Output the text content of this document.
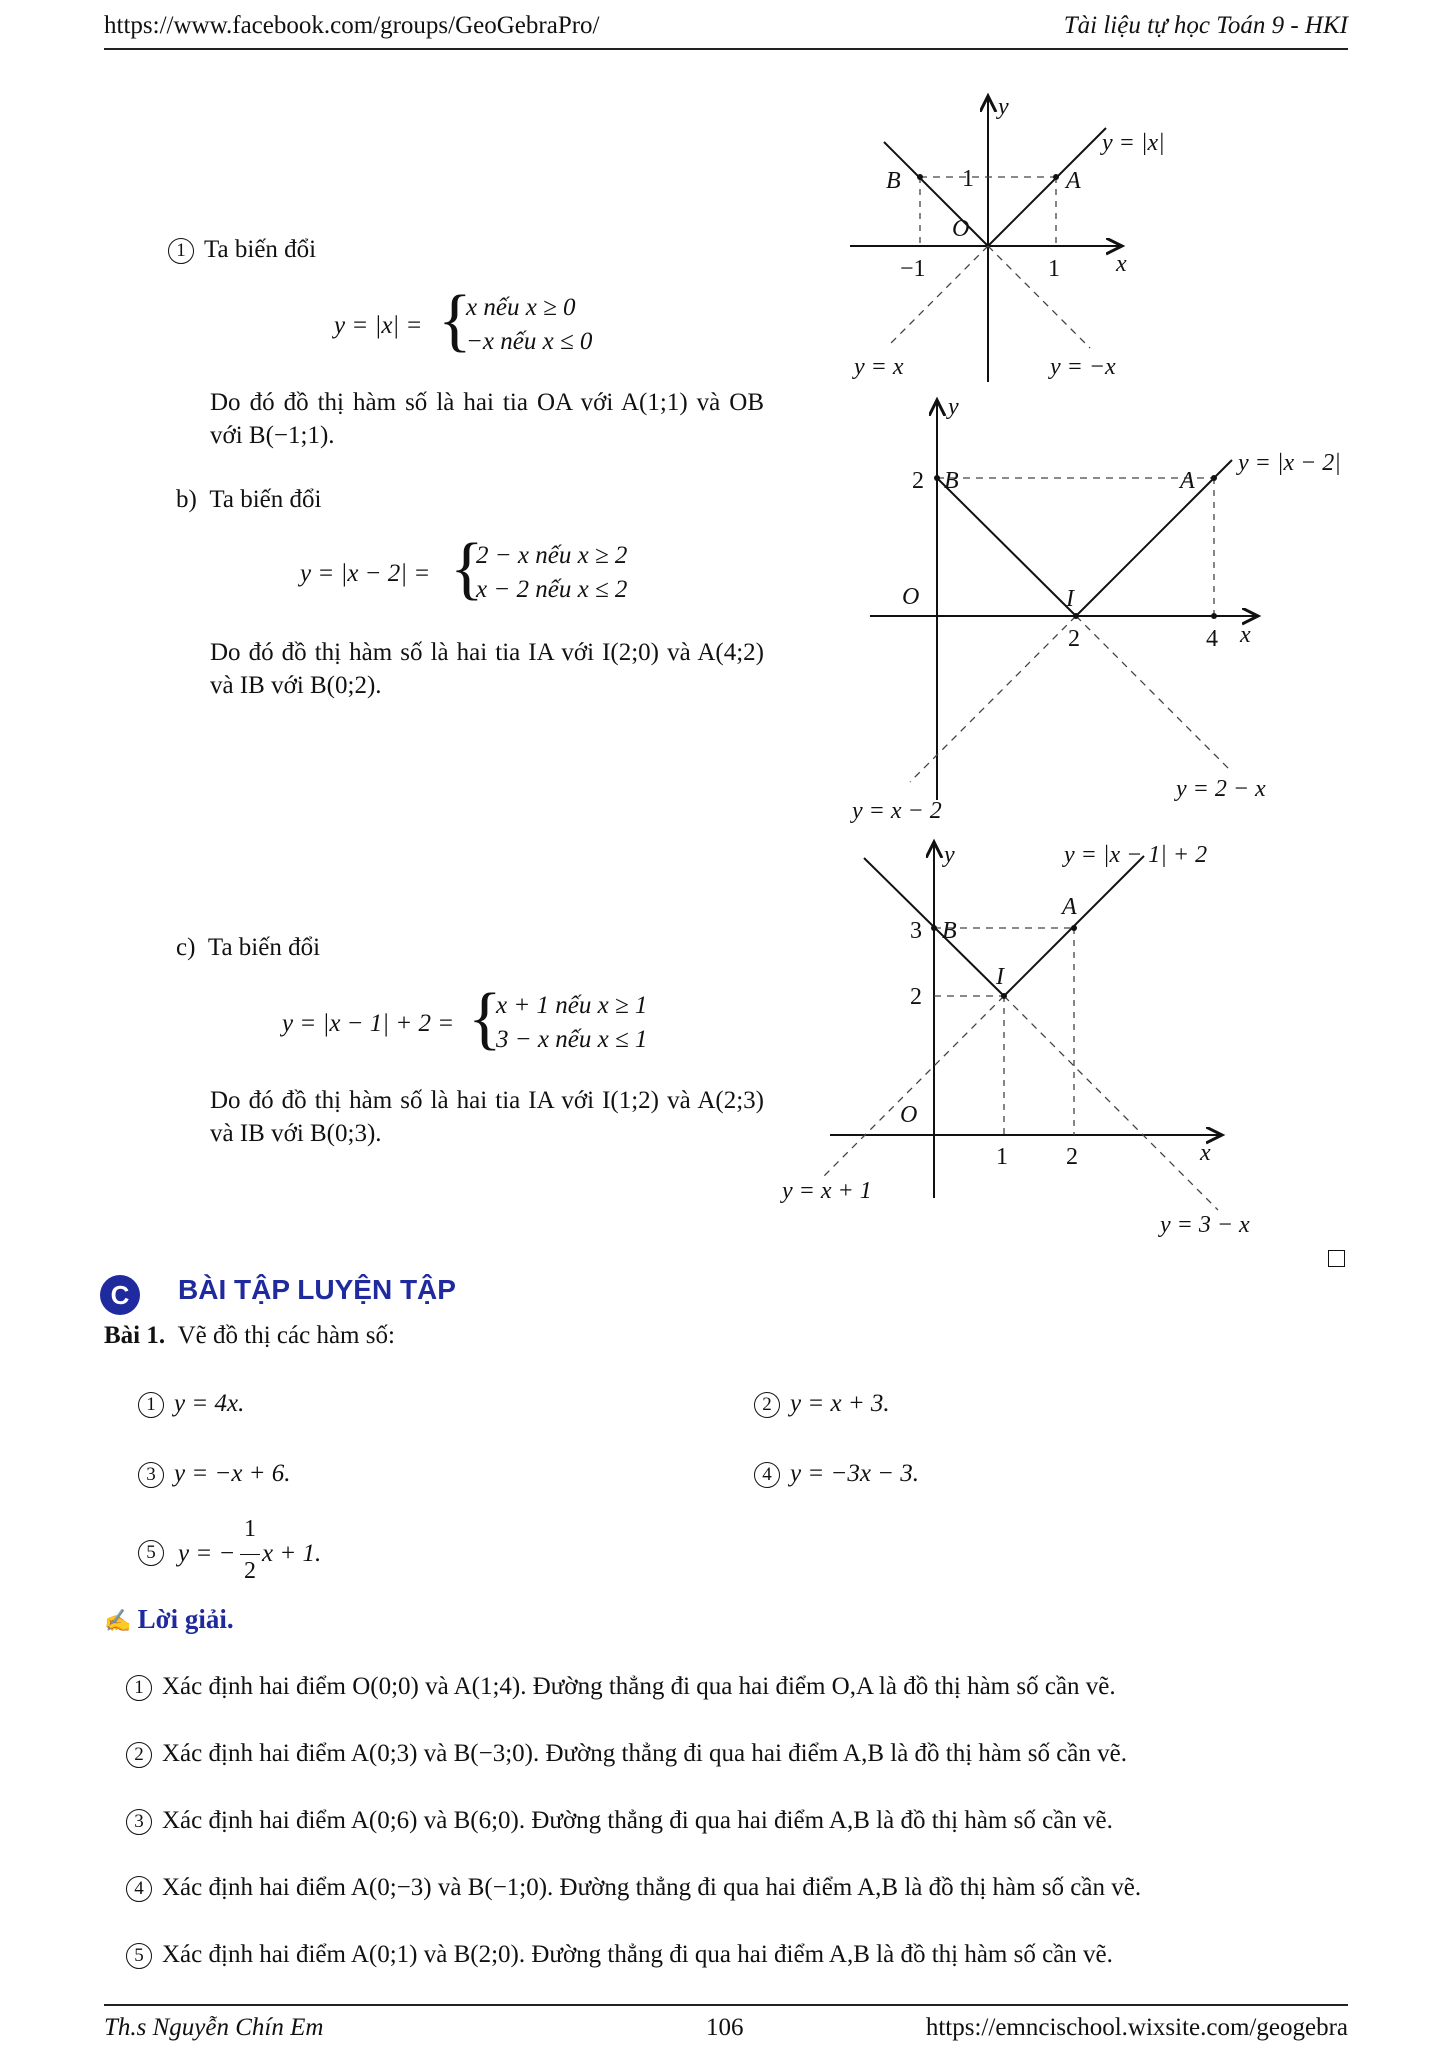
https://www.facebook.com/groups/GeoGebraPro/	Tài liệu tự học Toán 9 - HKI
1 Ta biến đổi
y = |x| = {
x nếu x ≥ 0
−x nếu x ≤ 0
Do đó đồ thị hàm số là hai tia OA với A(1;1) và OB với B(−1;1).
b) Ta biến đổi
y = |x − 2| = {
2 − x nếu x ≥ 2
x − 2 nếu x ≤ 2
Do đó đồ thị hàm số là hai tia IA với I(2;0) và A(4;2) và IB với B(0;2).
c) Ta biến đổi
y = |x − 1| + 2 = {
x + 1 nếu x ≥ 1
3 − x nếu x ≤ 1
Do đó đồ thị hàm số là hai tia IA với I(1;2) và A(2;3) và IB với B(0;3).
y
x
y = |x|
B	A
1
O
−1	1
y = x	y = −x
y
x
y = |x − 2|
2 B	A
O	I
2	4
y = x − 2
y = 2 − x
y
x
y = |x − 1| + 2
A
3 B
I
2
O
1 2
y = x + 1
y = 3 − x
C	BÀI TẬP LUYỆN TẬP
Bài 1. Vẽ đồ thị các hàm số:
1 y = 4x.	2 y = x + 3.
3 y = −x + 6.	4 y = −3x − 3.
5 y = −
1
2
x + 1.
✍ Lời giải.
1 Xác định hai điểm O(0;0) và A(1;4). Đường thẳng đi qua hai điểm O,A là đồ thị hàm số cần vẽ.
2 Xác định hai điểm A(0;3) và B(−3;0). Đường thẳng đi qua hai điểm A,B là đồ thị hàm số cần vẽ.
3 Xác định hai điểm A(0;6) và B(6;0). Đường thẳng đi qua hai điểm A,B là đồ thị hàm số cần vẽ.
4 Xác định hai điểm A(0;−3) và B(−1;0). Đường thẳng đi qua hai điểm A,B là đồ thị hàm số cần vẽ.
5 Xác định hai điểm A(0;1) và B(2;0). Đường thẳng đi qua hai điểm A,B là đồ thị hàm số cần vẽ.
Th.s Nguyễn Chín Em	106	https://emncischool.wixsite.com/geogebra
